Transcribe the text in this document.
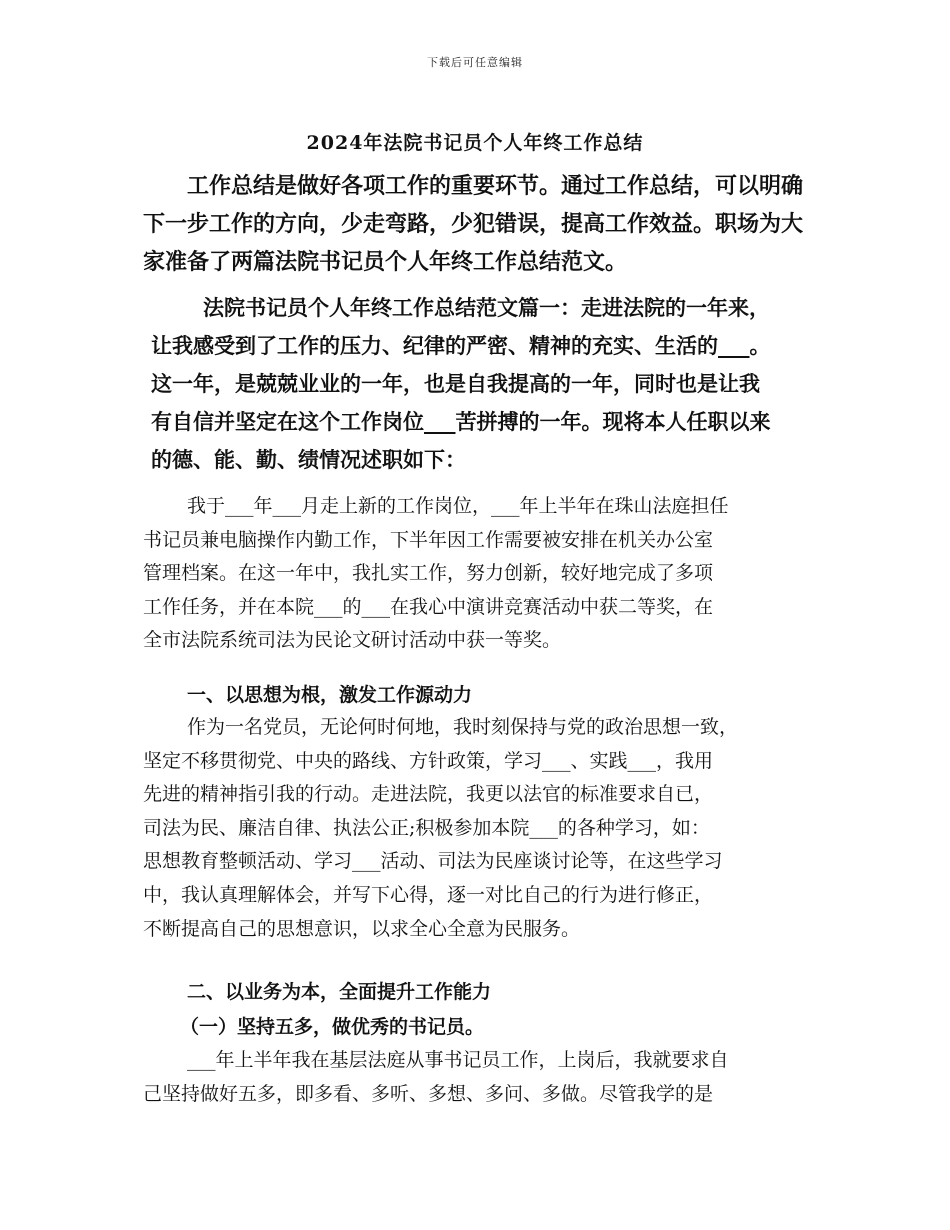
下载后可任意编辑
2024年法院书记员个人年终工作总结
工作总结是做好各项工作的重要环节。通过工作总结，可以明确
下一步工作的方向，少走弯路，少犯错误，提高工作效益。职场为大
家准备了两篇法院书记员个人年终工作总结范文。
法院书记员个人年终工作总结范文篇一：走进法院的一年来，
让我感受到了工作的压力、纪律的严密、精神的充实、生活的___。
这一年，是兢兢业业的一年，也是自我提高的一年，同时也是让我
有自信并坚定在这个工作岗位___苦拼搏的一年。现将本人任职以来
的德、能、勤、绩情况述职如下：
我于___年___月走上新的工作岗位，___年上半年在珠山法庭担任
书记员兼电脑操作内勤工作，下半年因工作需要被安排在机关办公室
管理档案。在这一年中，我扎实工作，努力创新，较好地完成了多项
工作任务，并在本院___的___在我心中演讲竞赛活动中获二等奖，在
全市法院系统司法为民论文研讨活动中获一等奖。
一、以思想为根，激发工作源动力
作为一名党员，无论何时何地，我时刻保持与党的政治思想一致，
坚定不移贯彻党、中央的路线、方针政策，学习___、实践___，我用
先进的精神指引我的行动。走进法院，我更以法官的标准要求自已，
司法为民、廉洁自律、执法公正;积极参加本院___的各种学习，如：
思想教育整顿活动、学习___活动、司法为民座谈讨论等，在这些学习
中，我认真理解体会，并写下心得，逐一对比自己的行为进行修正，
不断提高自己的思想意识，以求全心全意为民服务。
二、以业务为本，全面提升工作能力
（一）坚持五多，做优秀的书记员。
___年上半年我在基层法庭从事书记员工作，上岗后，我就要求自
己坚持做好五多，即多看、多听、多想、多问、多做。尽管我学的是
